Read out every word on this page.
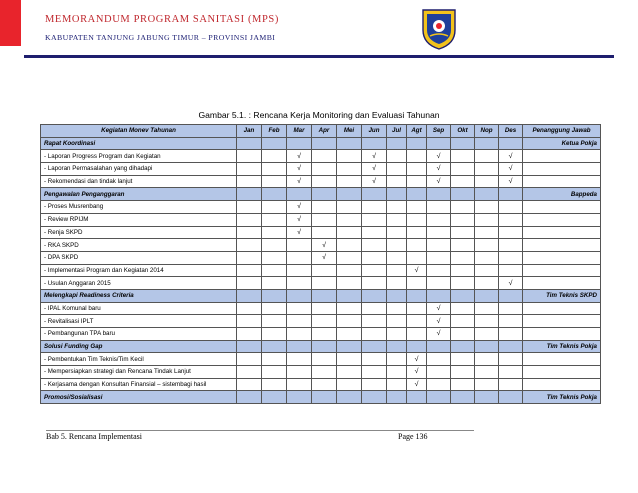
MEMORANDUM PROGRAM SANITASI (MPS)
KABUPATEN TANJUNG JABUNG TIMUR – PROVINSI JAMBI
Gambar 5.1. : Rencana Kerja Monitoring dan Evaluasi Tahunan
Kegiatan Monev Tahunan	Jan	Feb	Mar	Apr	Mei	Jun	Jul	Agt	Sep	Okt	Nop	Des	Penanggung Jawab
Rapat Koordinasi													Ketua Pokja
- Laporan Progress Program dan Kegiatan			√			√			√			√	
- Laporan Permasalahan yang dihadapi			√			√			√			√	
- Rekomendasi dan tindak lanjut			√			√			√			√	
Pengawalan Penganggaran													Bappeda
- Proses Musrenbang			√										
- Review RPIJM			√										
- Renja SKPD			√										
- RKA SKPD				√									
- DPA SKPD				√									
- Implementasi Program dan Kegiatan 2014								√					
- Usulan Anggaran 2015												√	
Melengkapi Readiness Criteria													Tim Teknis SKPD
- IPAL Komunal baru									√				
- Revitalisasi IPLT									√				
- Pembangunan TPA baru									√				
Solusi Funding Gap													Tim Teknis Pokja
- Pembentukan Tim Teknis/Tim Kecil								√					
- Mempersiapkan strategi dan Rencana Tindak Lanjut								√					
- Kerjasama dengan Konsultan Finansial – sistembagi hasil								√					
Promosi/Sosialisasi													Tim Teknis Pokja
Bab 5. Rencana Implementasi	Page 136
